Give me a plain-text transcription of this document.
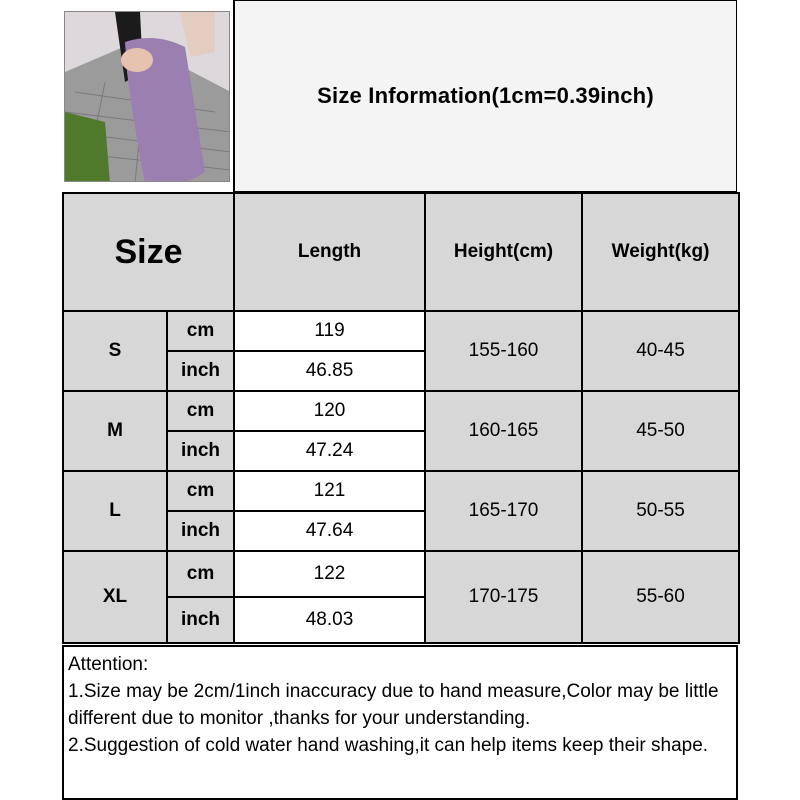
Size Information(1cm=0.39inch)
Size		Length	Height(cm)	Weight(kg)
S	cm	119	155-160	40-45
	inch	46.85		
M	cm	120	160-165	45-50
	inch	47.24		
L	cm	121	165-170	50-55
	inch	47.64		
XL	cm	122	170-175	55-60
	inch	48.03		

Attention:

1.Size may be 2cm/1inch inaccuracy due to hand measure,Color may be little different due to monitor ,thanks for your understanding.

2.Suggestion of cold water hand washing,it can help items keep their shape.
